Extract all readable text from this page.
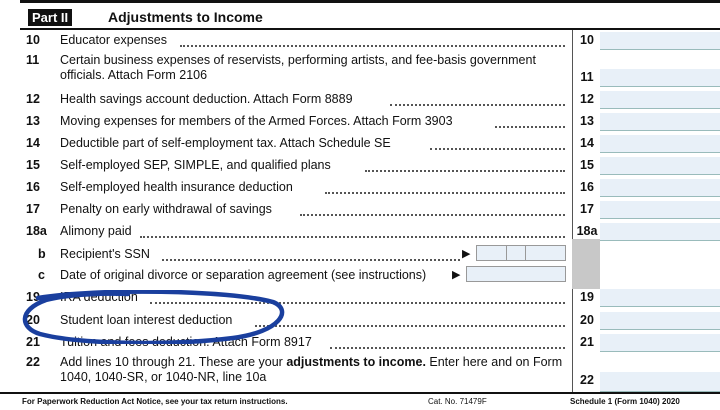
Part II	Adjustments to Income
10 Educator expenses	10
11 Certain business expenses of reservists, performing artists, and fee-basis government officials. Attach Form 2106	11
12 Health savings account deduction. Attach Form 8889	12
13 Moving expenses for members of the Armed Forces. Attach Form 3903	13
14 Deductible part of self-employment tax. Attach Schedule SE	14
15 Self-employed SEP, SIMPLE, and qualified plans	15
16 Self-employed health insurance deduction	16
17 Penalty on early withdrawal of savings	17
18a Alimony paid	18a
b Recipient's SSN	▶
c Date of original divorce or separation agreement (see instructions) ▶
19 IRA deduction	19
20 Student loan interest deduction	20
21 Tuition and fees deduction. Attach Form 8917	21
22 Add lines 10 through 21. These are your adjustments to income. Enter here and on Form 1040, 1040-SR, or 1040-NR, line 10a	22
For Paperwork Reduction Act Notice, see your tax return instructions.	Cat. No. 71479F	Schedule 1 (Form 1040) 2020
